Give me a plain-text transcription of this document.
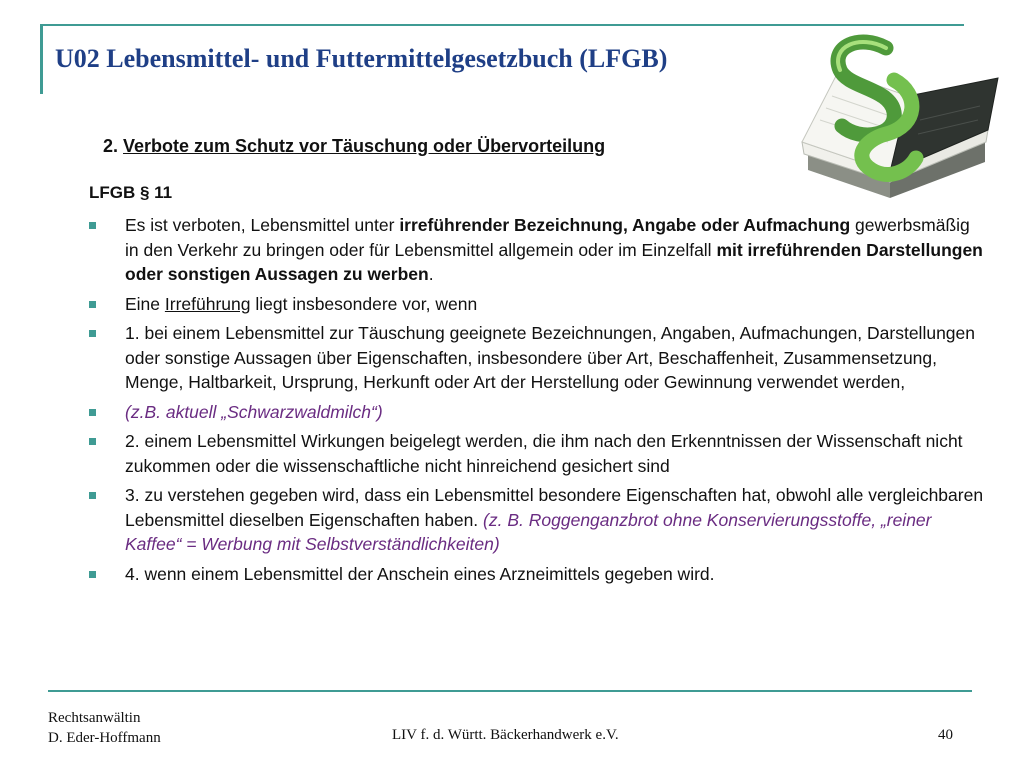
U02 Lebensmittel- und Futtermittelgesetzbuch (LFGB)
2. Verbote zum Schutz vor Täuschung oder Übervorteilung
LFGB § 11
Es ist verboten, Lebensmittel unter irreführender Bezeichnung, Angabe oder Aufmachung gewerbsmäßig in den Verkehr zu bringen oder für Lebensmittel allgemein oder im Einzelfall mit irreführenden Darstellungen oder sonstigen Aussagen zu werben.
Eine Irreführung liegt insbesondere vor, wenn
1. bei einem Lebensmittel zur Täuschung geeignete Bezeichnungen, Angaben, Aufmachungen, Darstellungen oder sonstige Aussagen über Eigenschaften, insbesondere über Art, Beschaffenheit, Zusammensetzung, Menge, Haltbarkeit, Ursprung, Herkunft oder Art der Herstellung oder Gewinnung verwendet werden,
(z.B. aktuell „Schwarzwaldmilch“)
2. einem Lebensmittel Wirkungen beigelegt werden, die ihm nach den Erkenntnissen der Wissenschaft nicht zukommen oder die wissenschaftliche nicht hinreichend gesichert sind
3. zu verstehen gegeben wird, dass ein Lebensmittel besondere Eigenschaften hat, obwohl alle vergleichbaren Lebensmittel dieselben Eigenschaften haben. (z. B. Roggenganzbrot ohne Konservierungsstoffe, „reiner Kaffee“ = Werbung mit Selbstverständlichkeiten)
4. wenn einem Lebensmittel der Anschein eines Arzneimittels gegeben wird.
Rechtsanwältin
D. Eder-Hoffmann	LIV f. d. Württ. Bäckerhandwerk e.V.	40
